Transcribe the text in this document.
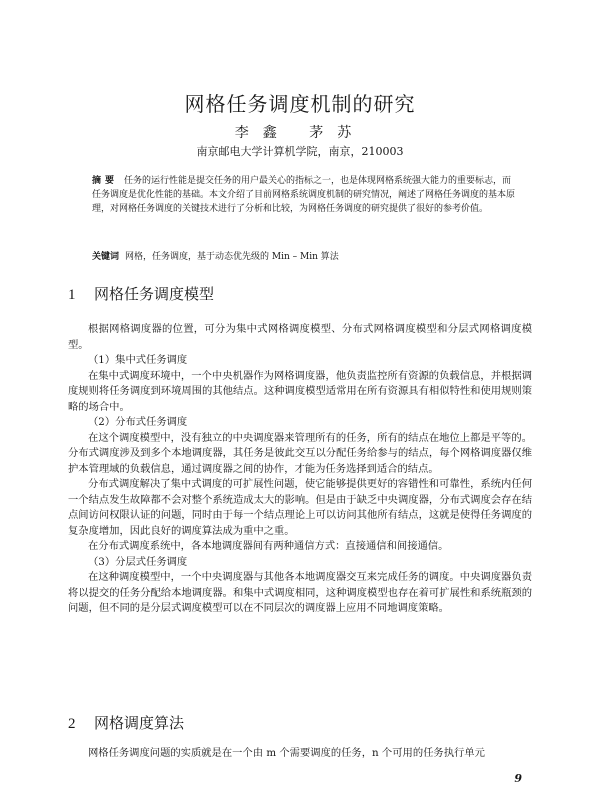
网格任务调度机制的研究
李鑫 茅苏
南京邮电大学计算机学院，南京，210003

摘要 任务的运行性能是提交任务的用户最关心的指标之一，也是体现网格系统强大能力的重要标志，而任务调度是优化性能的基础。本文介绍了目前网格系统调度机制的研究情况，阐述了网格任务调度的基本原理，对网格任务调度的关键技术进行了分析和比较，为网格任务调度的研究提供了很好的参考价值。

关键词 网格，任务调度，基于动态优先级的 Min – Min 算法

1 网格任务调度模型

根据网格调度器的位置，可分为集中式网格调度模型、分布式网格调度模型和分层式网格调度模型。

（1）集中式任务调度

在集中式调度环境中，一个中央机器作为网格调度器，他负责监控所有资源的负载信息，并根据调度规则将任务调度到环境周围的其他结点。这种调度模型适常用在所有资源具有相似特性和使用规则策略的场合中。

（2）分布式任务调度

在这个调度模型中，没有独立的中央调度器来管理所有的任务，所有的结点在地位上都是平等的。分布式调度涉及到多个本地调度器，其任务是彼此交互以分配任务给参与的结点，每个网格调度器仅维护本管理域的负载信息，通过调度器之间的协作，才能为任务选择到适合的结点。

分布式调度解决了集中式调度的可扩展性问题，使它能够提供更好的容错性和可靠性，系统内任何一个结点发生故障都不会对整个系统造成太大的影响。但是由于缺乏中央调度器，分布式调度会存在结点间访问权限认证的问题，同时由于每一个结点理论上可以访问其他所有结点，这就是使得任务调度的复杂度增加，因此良好的调度算法成为重中之重。

在分布式调度系统中，各本地调度器间有两种通信方式：直接通信和间接通信。

（3）分层式任务调度

在这种调度模型中，一个中央调度器与其他各本地调度器交互来完成任务的调度。中央调度器负责将以提交的任务分配给本地调度器。和集中式调度相同，这种调度模型也存在着可扩展性和系统瓶颈的问题，但不同的是分层式调度模型可以在不同层次的调度器上应用不同地调度策略。

2 网格调度算法

网格任务调度问题的实质就是在一个由 m 个需要调度的任务，n 个可用的任务执行单元

9
